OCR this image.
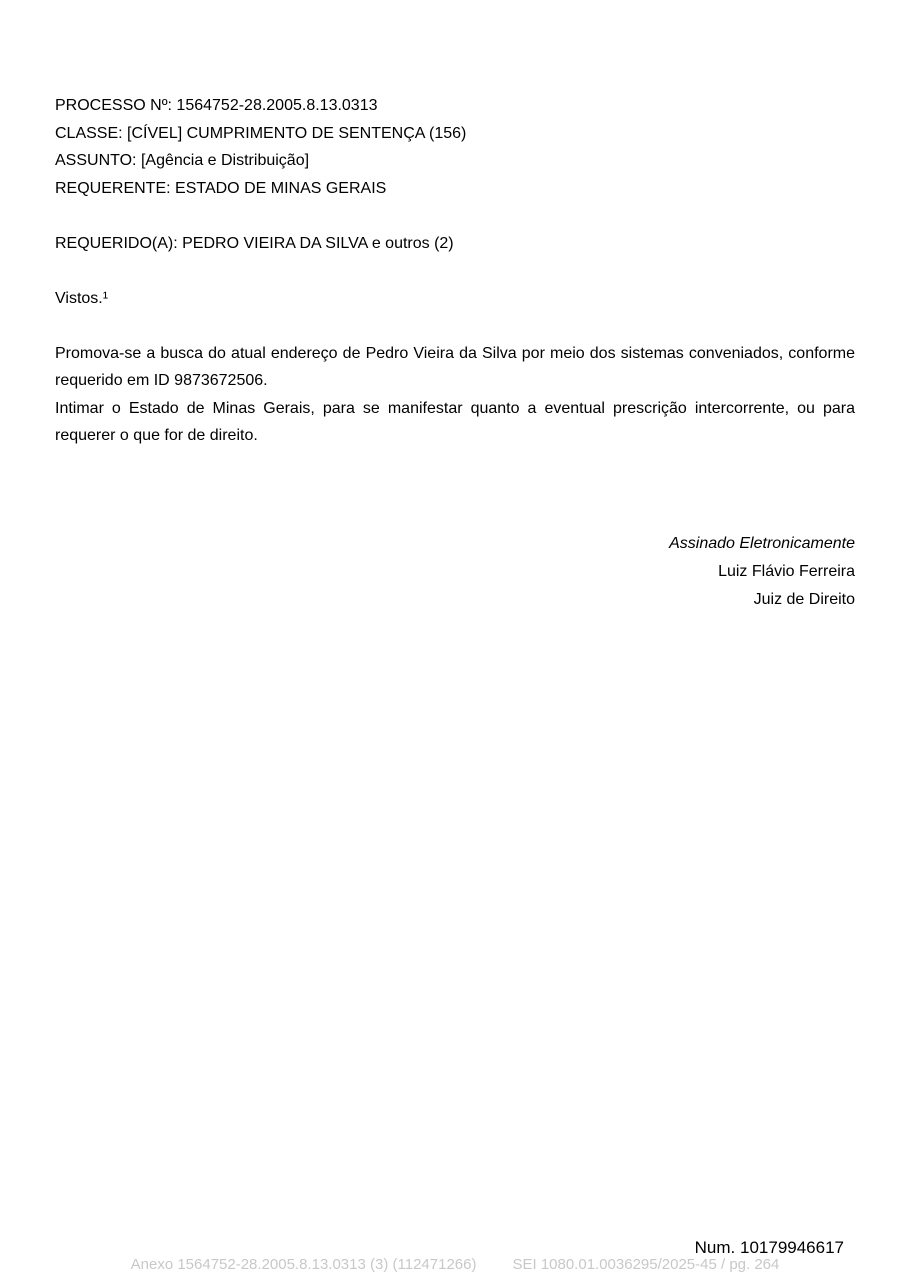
PROCESSO Nº: 1564752-28.2005.8.13.0313
CLASSE: [CÍVEL] CUMPRIMENTO DE SENTENÇA (156)
ASSUNTO: [Agência e Distribuição]
REQUERENTE: ESTADO DE MINAS GERAIS
REQUERIDO(A): PEDRO VIEIRA DA SILVA e outros (2)
Vistos.¹

Promova-se a busca do atual endereço de Pedro Vieira da Silva por meio dos sistemas conveniados, conforme requerido em ID 9873672506.

Intimar o Estado de Minas Gerais, para se manifestar quanto a eventual prescrição intercorrente, ou para requerer o que for de direito.

Assinado Eletronicamente
Luiz Flávio Ferreira
Juiz de Direito
Num. 10179946617
Anexo 1564752-28.2005.8.13.0313 (3) (112471266) SEI 1080.01.0036295/2025-45 / pg. 264
